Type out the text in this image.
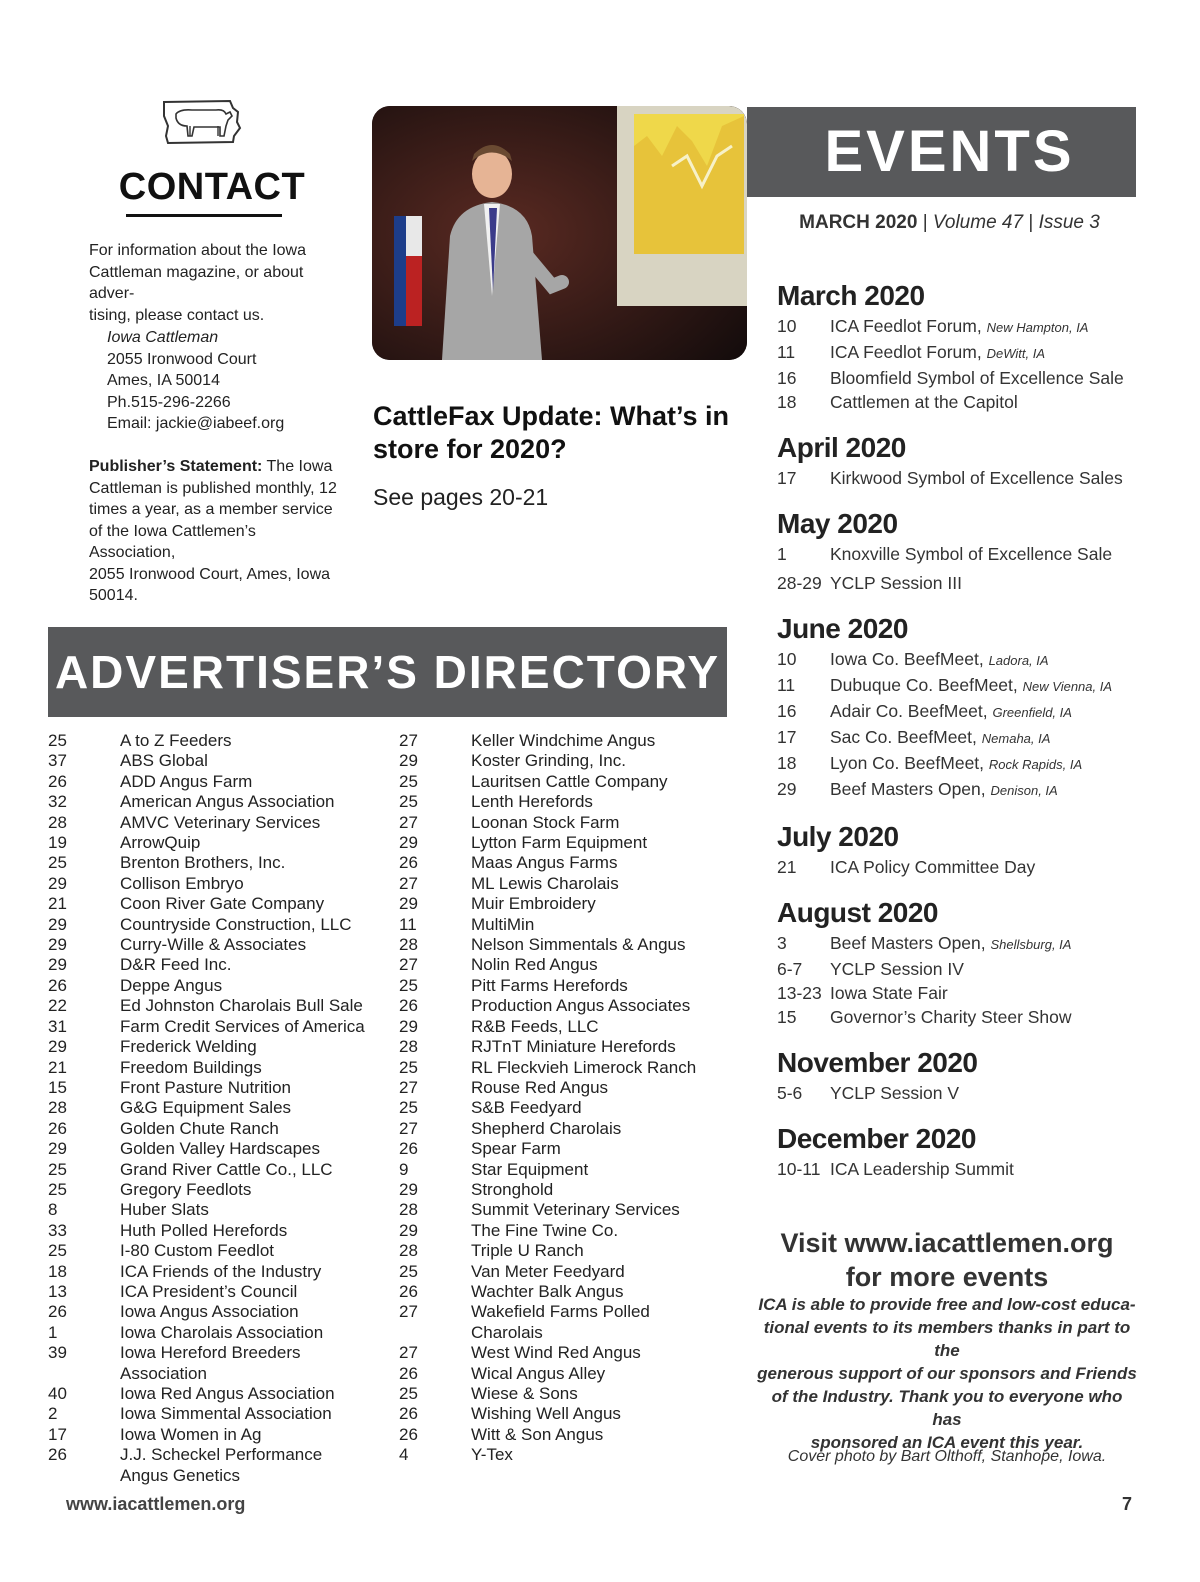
CONTACT
For information about the Iowa
Cattleman magazine, or about adver-
tising, please contact us.
Iowa Cattleman
2055 Ironwood Court
Ames, IA 50014
Ph.515-296-2266
Email: jackie@iabeef.org
Publisher’s Statement: The Iowa
Cattleman is published monthly, 12
times a year, as a member service
of the Iowa Cattlemen’s Association,
2055 Ironwood Court, Ames, Iowa
50014.
CattleFax Update: What’s in store for 2020?
See pages 20-21
EVENTS
MARCH 2020 | Volume 47 | Issue 3
March 2020
10	ICA Feedlot Forum, New Hampton, IA
11	ICA Feedlot Forum, DeWitt, IA
16	Bloomfield Symbol of Excellence Sale
18	Cattlemen at the Capitol
April 2020
17	Kirkwood Symbol of Excellence Sales
May 2020
1	Knoxville Symbol of Excellence Sale
28-29 YCLP Session III
June 2020
10	Iowa Co. BeefMeet, Ladora, IA
11	Dubuque Co. BeefMeet, New Vienna, IA
16	Adair Co. BeefMeet, Greenfield, IA
17	Sac Co. BeefMeet, Nemaha, IA
18	Lyon Co. BeefMeet, Rock Rapids, IA
29	Beef Masters Open, Denison, IA
July 2020
21	ICA Policy Committee Day
August 2020
3	Beef Masters Open, Shellsburg, IA
6-7	YCLP Session IV
13-23 Iowa State Fair
15	Governor’s Charity Steer Show
November 2020
5-6	YCLP Session V
December 2020
10-11 ICA Leadership Summit
Visit www.iacattlemen.org
for more events
ICA is able to provide free and low-cost educa-
tional events to its members thanks in part to the
generous support of our sponsors and Friends
of the Industry. Thank you to everyone who has
sponsored an ICA event this year.
Cover photo by Bart Olthoff, Stanhope, Iowa.
ADVERTISER’S DIRECTORY
25	A to Z Feeders
37	ABS Global
26	ADD Angus Farm
32	American Angus Association
28	AMVC Veterinary Services
19	ArrowQuip
25	Brenton Brothers, Inc.
29	Collison Embryo
21	Coon River Gate Company
29	Countryside Construction, LLC
29	Curry-Wille & Associates
29	D&R Feed Inc.
26	Deppe Angus
22	Ed Johnston Charolais Bull Sale
31	Farm Credit Services of America
29	Frederick Welding
21	Freedom Buildings
15	Front Pasture Nutrition
28	G&G Equipment Sales
26	Golden Chute Ranch
29	Golden Valley Hardscapes
25	Grand River Cattle Co., LLC
25	Gregory Feedlots
8	Huber Slats
33	Huth Polled Herefords
25	I-80 Custom Feedlot
18	ICA Friends of the Industry
13	ICA President’s Council
26	Iowa Angus Association
1	Iowa Charolais Association
39	Iowa Hereford Breeders
Association
40	Iowa Red Angus Association
2	Iowa Simmental Association
17	Iowa Women in Ag
26	J.J. Scheckel Performance
Angus Genetics
27	Keller Windchime Angus
29	Koster Grinding, Inc.
25	Lauritsen Cattle Company
25	Lenth Herefords
27	Loonan Stock Farm
29	Lytton Farm Equipment
26	Maas Angus Farms
27	ML Lewis Charolais
29	Muir Embroidery
11	MultiMin
28	Nelson Simmentals & Angus
27	Nolin Red Angus
25	Pitt Farms Herefords
26	Production Angus Associates
29	R&B Feeds, LLC
28	RJTnT Miniature Herefords
25	RL Fleckvieh Limerock Ranch
27	Rouse Red Angus
25	S&B Feedyard
27	Shepherd Charolais
26	Spear Farm
9	Star Equipment
29	Stronghold
28	Summit Veterinary Services
29	The Fine Twine Co.
28	Triple U Ranch
25	Van Meter Feedyard
26	Wachter Balk Angus
27	Wakefield Farms Polled
Charolais
27	West Wind Red Angus
26	Wical Angus Alley
25	Wiese & Sons
26	Wishing Well Angus
26	Witt & Son Angus
4	Y-Tex
www.iacattlemen.org	7
